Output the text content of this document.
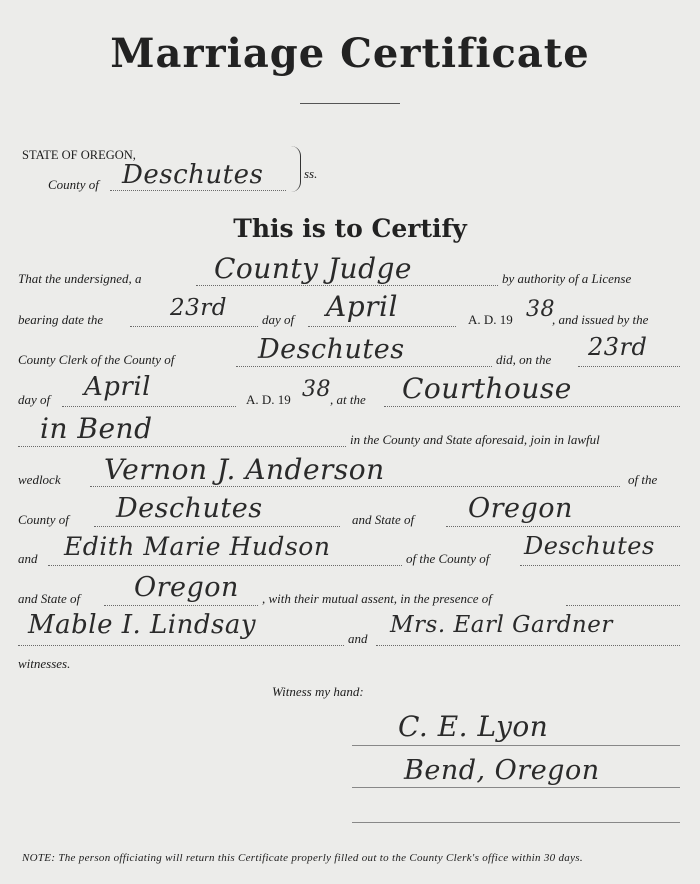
Marriage Certificate
STATE OF OREGON,
County of Deschutes	ss.
This is to Certify
That the undersigned, a	County Judge	by authority of a License
bearing date the	23rd	day of April	A. D. 19 38
, and issued by the
County Clerk of the County of	Deschutes	did, on the 23rd
day of April	A. D. 19 38 , at the Courthouse
in Bend	in the County and State aforesaid, join in lawful
wedlock Vernon J. Anderson	of the
County of Deschutes	and State of Oregon
and Edith Marie Hudson	of the County of Deschutes
and State of Oregon , with their mutual assent, in the presence of
Mable I. Lindsay	and
Mrs. Earl Gardner
witnesses.
Witness my hand:
C. E. Lyon
Bend, Oregon
NOTE: The person officiating will return this Certificate properly filled out to the County Clerk's office within 30 days.
